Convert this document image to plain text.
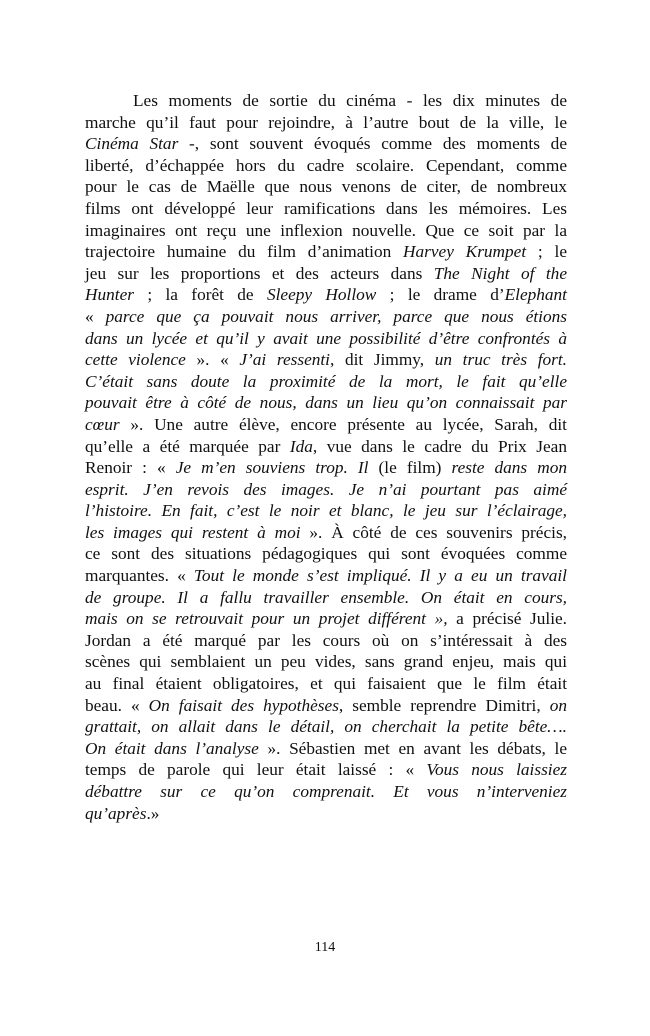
Les moments de sortie du cinéma - les dix minutes de
marche qu’il faut pour rejoindre, à l’autre bout de la ville, le
Cinéma Star -, sont souvent évoqués comme des moments de
liberté, d’échappée hors du cadre scolaire. Cependant, comme
pour le cas de Maëlle que nous venons de citer, de nombreux
films ont développé leur ramifications dans les mémoires. Les
imaginaires ont reçu une inflexion nouvelle. Que ce soit par la
trajectoire humaine du film d’animation Harvey Krumpet ; le
jeu sur les proportions et des acteurs dans The Night of the
Hunter ; la forêt de Sleepy Hollow ; le drame d’Elephant
« parce que ça pouvait nous arriver, parce que nous étions
dans un lycée et qu’il y avait une possibilité d’être confrontés à
cette violence ». « J’ai ressenti, dit Jimmy, un truc très fort.
C’était sans doute la proximité de la mort, le fait qu’elle
pouvait être à côté de nous, dans un lieu qu’on connaissait par
cœur ». Une autre élève, encore présente au lycée, Sarah, dit
qu’elle a été marquée par Ida, vue dans le cadre du Prix Jean
Renoir : « Je m’en souviens trop. Il (le film) reste dans mon
esprit. J’en revois des images. Je n’ai pourtant pas aimé
l’histoire. En fait, c’est le noir et blanc, le jeu sur l’éclairage,
les images qui restent à moi ». À côté de ces souvenirs précis,
ce sont des situations pédagogiques qui sont évoquées comme
marquantes. « Tout le monde s’est impliqué. Il y a eu un travail
de groupe. Il a fallu travailler ensemble. On était en cours,
mais on se retrouvait pour un projet différent », a précisé Julie.
Jordan a été marqué par les cours où on s’intéressait à des
scènes qui semblaient un peu vides, sans grand enjeu, mais qui
au final étaient obligatoires, et qui faisaient que le film était
beau. « On faisait des hypothèses, semble reprendre Dimitri, on
grattait, on allait dans le détail, on cherchait la petite bête….
On était dans l’analyse ». Sébastien met en avant les débats, le
temps de parole qui leur était laissé : « Vous nous laissiez
débattre sur ce qu’on comprenait. Et vous n’interveniez
qu’après.»
114
